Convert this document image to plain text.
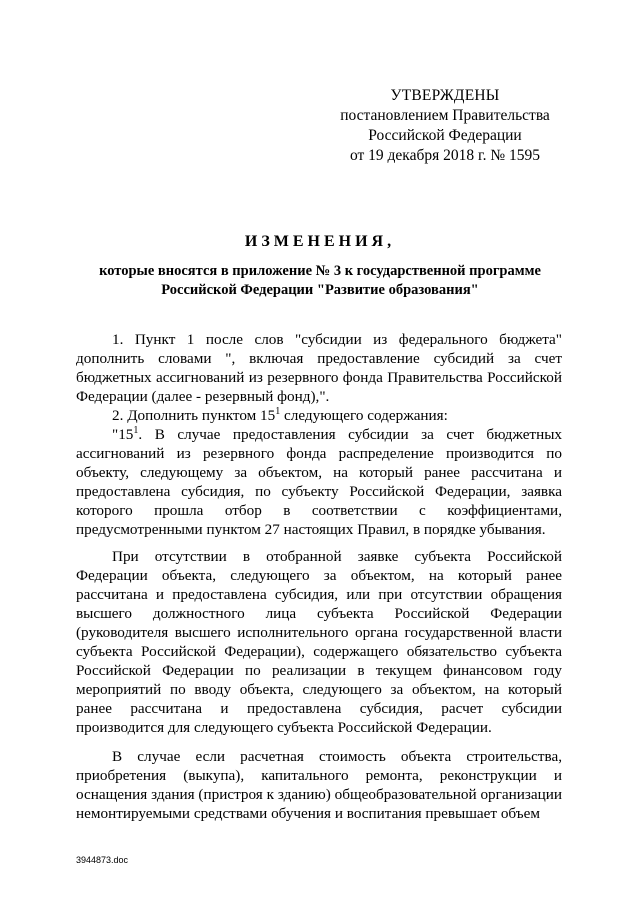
УТВЕРЖДЕНЫ
постановлением Правительства
Российской Федерации
от 19 декабря 2018 г. № 1595
ИЗМЕНЕНИЯ,
которые вносятся в приложение № 3 к государственной программе
Российской Федерации "Развитие образования"

1. Пункт 1 после слов "субсидии из федерального бюджета" дополнить словами ", включая предоставление субсидий за счет бюджетных ассигнований из резервного фонда Правительства Российской Федерации (далее - резервный фонд),".

2. Дополнить пунктом $15^1$ следующего содержания:

"$15^1$. В случае предоставления субсидии за счет бюджетных ассигнований из резервного фонда распределение производится по объекту, следующему за объектом, на который ранее рассчитана и предоставлена субсидия, по субъекту Российской Федерации, заявка которого прошла отбор в соответствии с коэффициентами, предусмотренными пунктом 27 настоящих Правил, в порядке убывания.

При отсутствии в отобранной заявке субъекта Российской Федерации объекта, следующего за объектом, на который ранее рассчитана и предоставлена субсидия, или при отсутствии обращения высшего должностного лица субъекта Российской Федерации (руководителя высшего исполнительного органа государственной власти субъекта Российской Федерации), содержащего обязательство субъекта Российской Федерации по реализации в текущем финансовом году мероприятий по вводу объекта, следующего за объектом, на который ранее рассчитана и предоставлена субсидия, расчет субсидии производится для следующего субъекта Российской Федерации.

В случае если расчетная стоимость объекта строительства, приобретения (выкупа), капитального ремонта, реконструкции и оснащения здания (пристроя к зданию) общеобразовательной организации немонтируемыми средствами обучения и воспитания превышает объем

3944873.doc
